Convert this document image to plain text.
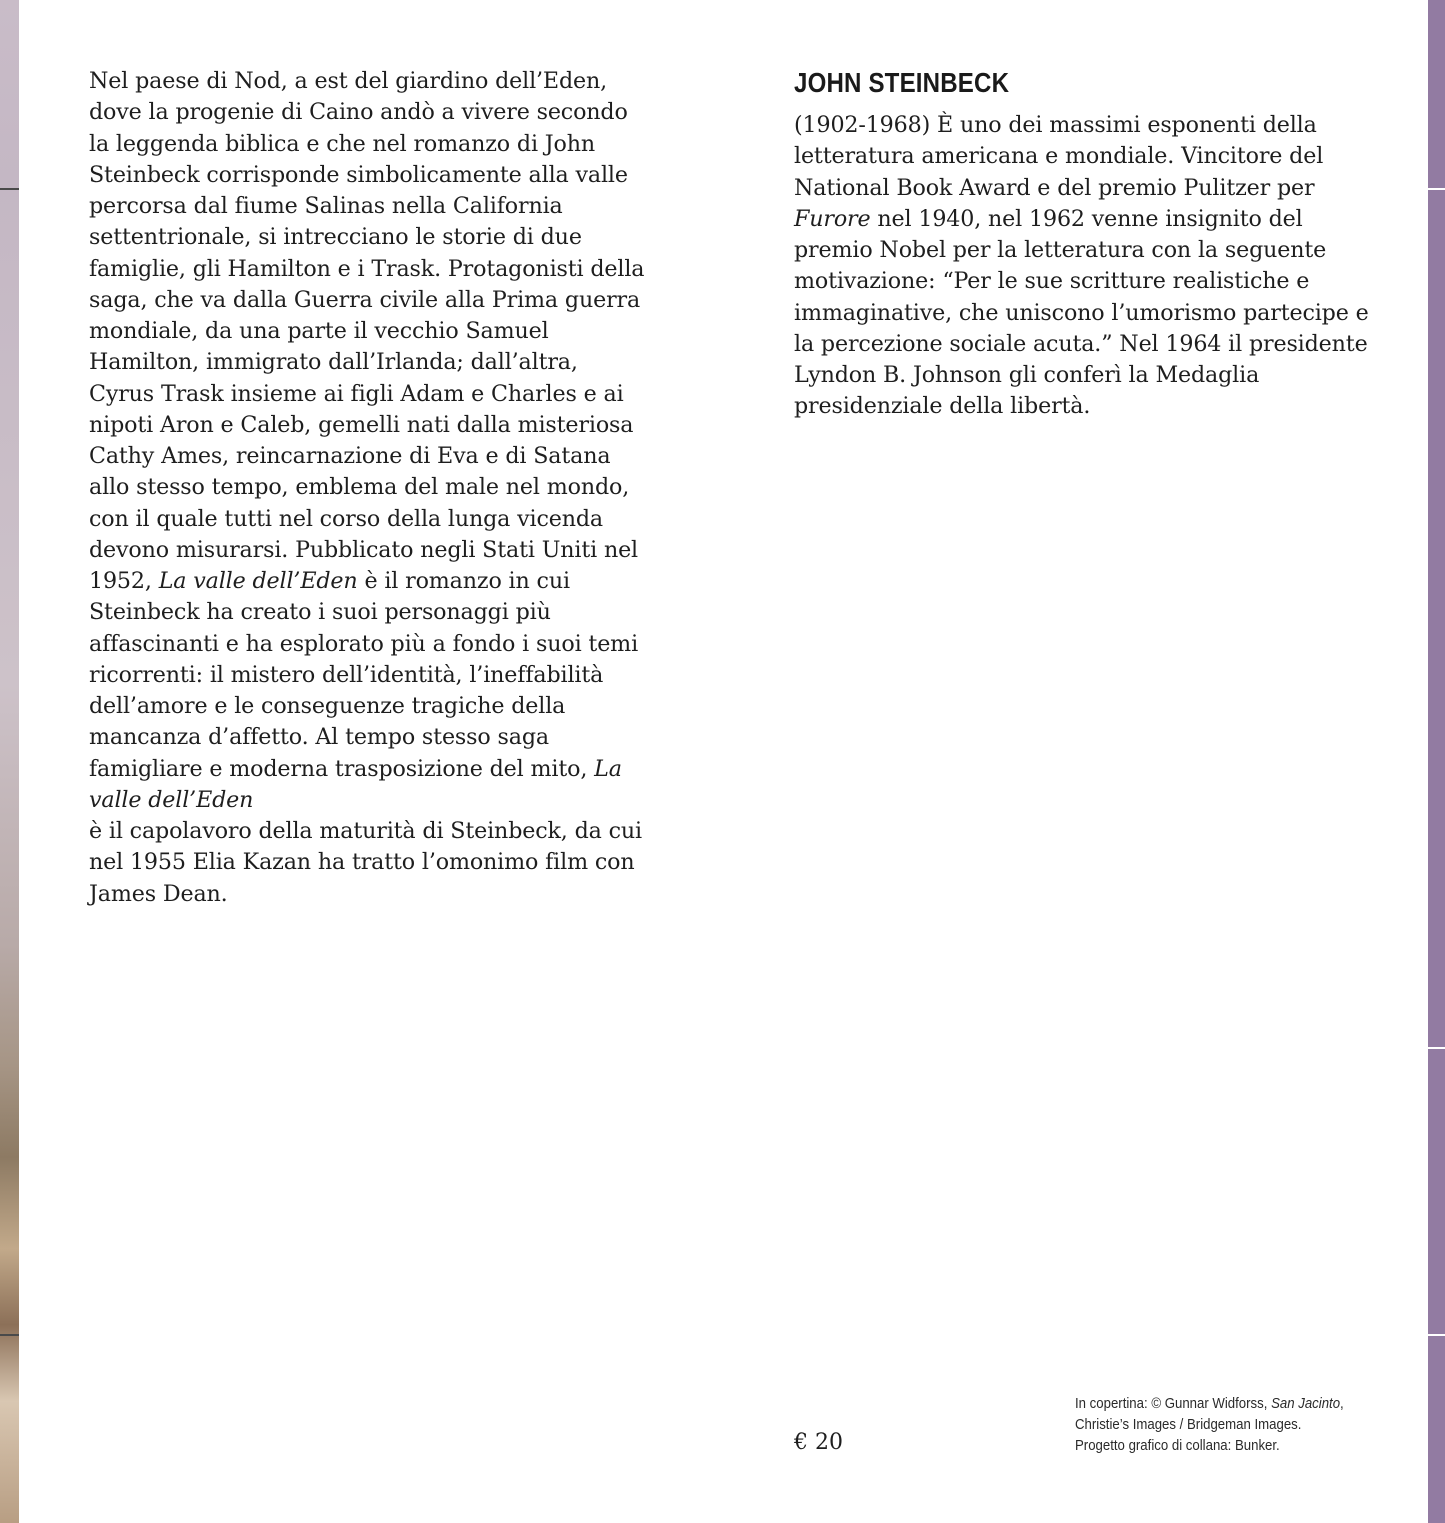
Nel paese di Nod, a est del giardino dell’Eden, dove la progenie di Caino andò a vivere secondo la leggenda biblica e che nel romanzo di John Steinbeck corrisponde simbolicamente alla valle percorsa dal fiume Salinas nella California settentrionale, si intrecciano le storie di due famiglie, gli Hamilton e i Trask. Protagonisti della saga, che va dalla Guerra civile alla Prima guerra mondiale, da una parte il vecchio Samuel Hamilton, immigrato dall’Irlanda; dall’altra, Cyrus Trask insieme ai figli Adam e Charles e ai nipoti Aron e Caleb, gemelli nati dalla misteriosa Cathy Ames, reincarnazione di Eva e di Satana allo stesso tempo, emblema del male nel mondo, con il quale tutti nel corso della lunga vicenda devono misurarsi. Pubblicato negli Stati Uniti nel 1952, La valle dell’Eden è il romanzo in cui Steinbeck ha creato i suoi personaggi più affascinanti e ha esplorato più a fondo i suoi temi ricorrenti: il mistero dell’identità, l’ineffabilità dell’amore e le conseguenze tragiche della mancanza d’affetto. Al tempo stesso saga famigliare e moderna trasposizione del mito, La valle dell’Eden
è il capolavoro della maturità di Steinbeck, da cui nel 1955 Elia Kazan ha tratto l’omonimo film con James Dean.

JOHN STEINBECK

(1902-1968) È uno dei massimi esponenti della letteratura americana e mondiale. Vincitore del National Book Award e del premio Pulitzer per Furore nel 1940, nel 1962 venne insignito del premio Nobel per la letteratura con la seguente motivazione: “Per le sue scritture realistiche e immaginative, che uniscono l’umorismo partecipe e la percezione sociale acuta.” Nel 1964 il presidente Lyndon B. Johnson gli conferì la Medaglia presidenziale della libertà.

€ 20
In copertina: © Gunnar Widforss, San Jacinto,
Christie’s Images / Bridgeman Images.
Progetto grafico di collana: Bunker.
